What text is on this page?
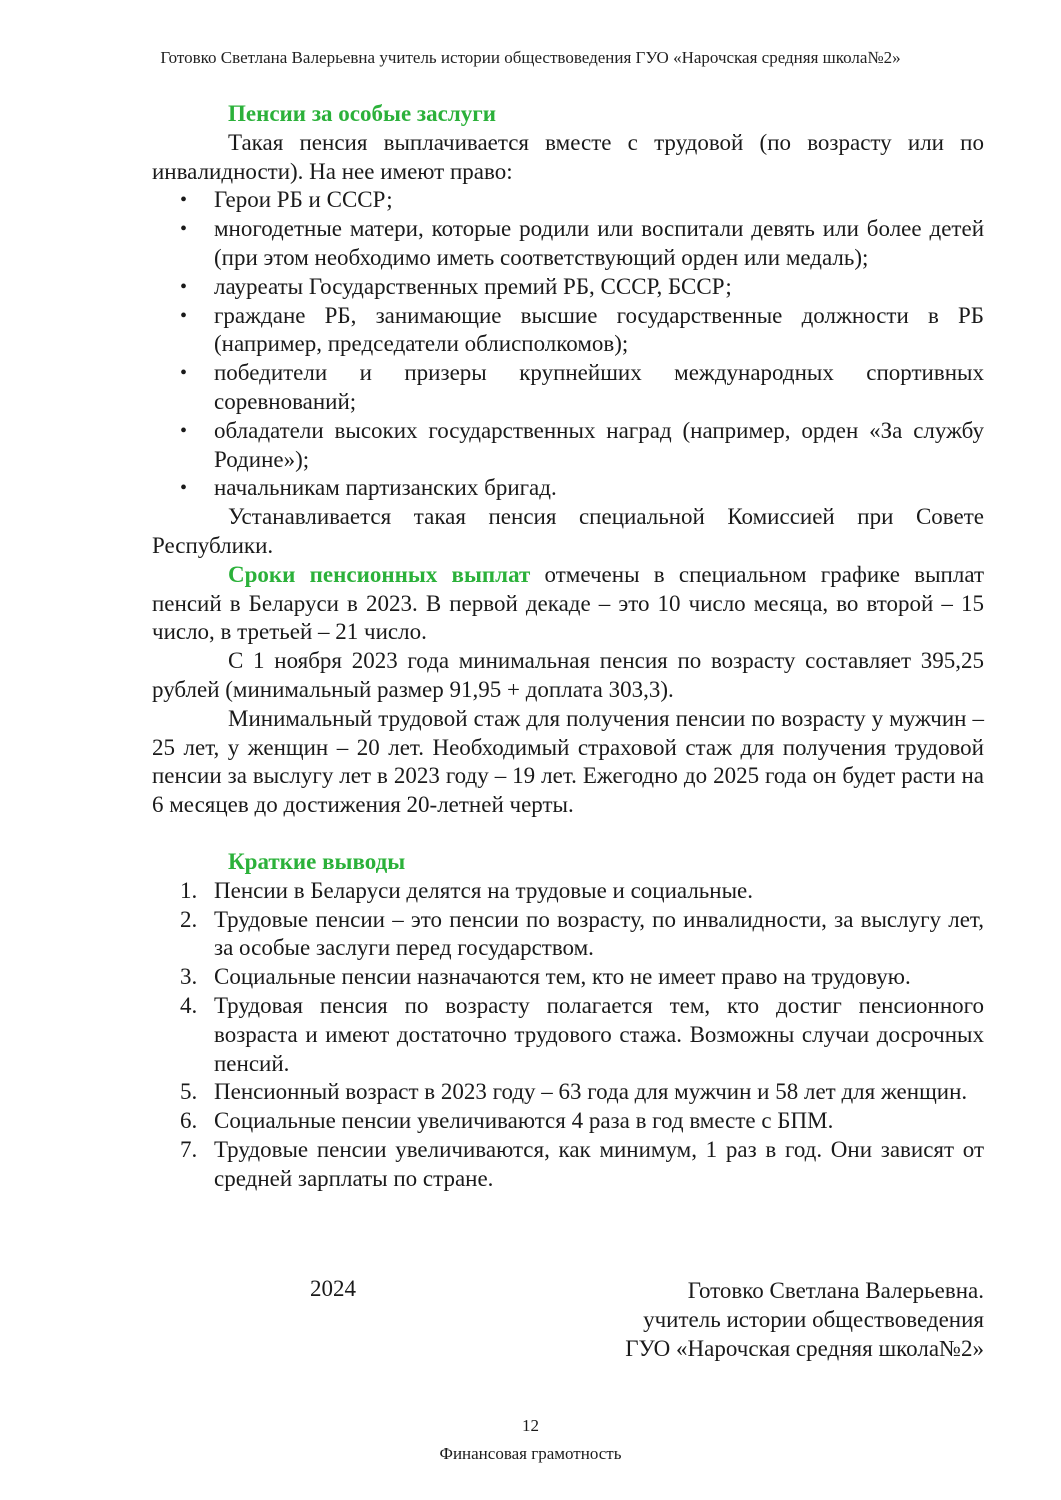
Готовко Светлана Валерьевна учитель истории обществоведения ГУО «Нарочская средняя школа№2»

Пенсии за особые заслуги

Такая пенсия выплачивается вместе с трудовой (по возрасту или по инвалидности). На нее имеют право:

• Герои РБ и СССР;
• многодетные матери, которые родили или воспитали девять или более детей (при этом необходимо иметь соответствующий орден или медаль);
• лауреаты Государственных премий РБ, СССР, БССР;
• граждане РБ, занимающие высшие государственные должности в РБ (например, председатели облисполкомов);
• победители и призеры крупнейших международных спортивных соревнований;
• обладатели высоких государственных наград (например, орден «За службу Родине»);
• начальникам партизанских бригад.

Устанавливается такая пенсия специальной Комиссией при Совете Республики.

Сроки пенсионных выплат отмечены в специальном графике выплат пенсий в Беларуси в 2023. В первой декаде – это 10 число месяца, во второй – 15 число, в третьей – 21 число.

С 1 ноября 2023 года минимальная пенсия по возрасту составляет 395,25 рублей (минимальный размер 91,95 + доплата 303,3).

Минимальный трудовой стаж для получения пенсии по возрасту у мужчин – 25 лет, у женщин – 20 лет. Необходимый страховой стаж для получения трудовой пенсии за выслугу лет в 2023 году – 19 лет. Ежегодно до 2025 года он будет расти на 6 месяцев до достижения 20-летней черты.

Краткие выводы

1. Пенсии в Беларуси делятся на трудовые и социальные.
2. Трудовые пенсии – это пенсии по возрасту, по инвалидности, за выслугу лет, за особые заслуги перед государством.
3. Социальные пенсии назначаются тем, кто не имеет право на трудовую.
4. Трудовая пенсия по возрасту полагается тем, кто достиг пенсионного возраста и имеют достаточно трудового стажа. Возможны случаи досрочных пенсий.
5. Пенсионный возраст в 2023 году – 63 года для мужчин и 58 лет для женщин.
6. Социальные пенсии увеличиваются 4 раза в год вместе с БПМ.
7. Трудовые пенсии увеличиваются, как минимум, 1 раз в год. Они зависят от средней зарплаты по стране.
2024	Готовко Светлана Валерьевна.
учитель истории обществоведения
ГУО «Нарочская средняя школа№2»
12
Финансовая грамотность
